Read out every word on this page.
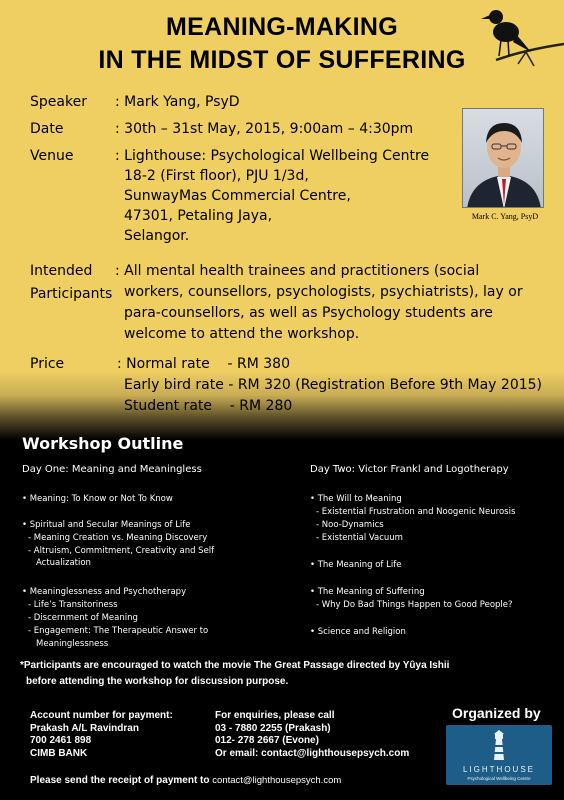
MEANING-MAKING
IN THE MIDST OF SUFFERING
Speaker : Mark Yang, PsyD
Date	: 30th – 31st May, 2015, 9:00am – 4:30pm
Venue	: Lighthouse: Psychological Wellbeing Centre
18-2 (First floor), PJU 1/3d,
SunwayMas Commercial Centre,
47301, Petaling Jaya,
Selangor.
Mark C. Yang, PsyD
Intended
Participants
: All mental health trainees and practitioners (social
workers, counsellors, psychologists, psychiatrists), lay or
para-counsellors, as well as Psychology students are
welcome to attend the workshop.
Price	: Normal rate    - RM 380
Early bird rate - RM 320 (Registration Before 9th May 2015)
Student rate    - RM 280
Workshop Outline
Day One: Meaning and Meaningless	Day Two: Victor Frankl and Logotherapy
• Meaning: To Know or Not To Know
• Spiritual and Secular Meanings of Life
- Meaning Creation vs. Meaning Discovery
- Altruism, Commitment, Creativity and Self
Actualization
• Meaninglessness and Psychotherapy
- Life’s Transitoriness
- Discernment of Meaning
- Engagement: The Therapeutic Answer to
Meaninglessness
• The Will to Meaning
- Existential Frustration and Noogenic Neurosis
- Noo-Dynamics
- Existential Vacuum
• The Meaning of Life
• The Meaning of Suffering
- Why Do Bad Things Happen to Good People?
• Science and Religion
*Participants are encouraged to watch the movie The Great Passage directed by Yûya Ishii
before attending the workshop for discussion purpose.
Account number for payment:
Prakash A/L Ravindran
700 2461 898
CIMB BANK
For enquiries, please call
03 - 7880 2255 (Prakash)
012- 278 2667 (Evone)
Or email: contact@lighthousepsych.com
Organized by
LIGHTHOUSE
Psychological Wellbeing Centre
Please send the receipt of payment to contact@lighthousepsych.com
